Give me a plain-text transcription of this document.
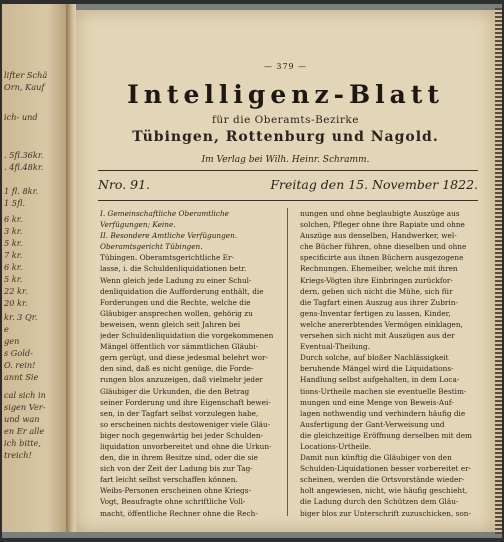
lifter Schä
Orn, Kauf
ich- und
. 5fl.36kr.
. 4fl.48kr.
1 fl. 8kr.
1 5fl.
6 kr.
3 kr.
5 kr.
7 kr.
6 kr.
5 kr.
22 kr.
20 kr.
kr. 3 Qr.
e
gen
s Gold-
O. rein!
annt Sie
cal sich in
sigen Ver-
und wan
en Er alle
ich bitte,
treich!
— 379 —
Intelligenz-Blatt
für die Oberamts-Bezirke
Tübingen, Rottenburg und Nagold.
Im Verlag bei Wilh. Heinr. Schramm.
Nro. 91.	Freitag den 15. November 1822.
I. Gemeinschaftliche Oberamtliche
Verfügungen; Keine.
II. Besondere Amtliche Verfügungen.
Oberamtsgericht Tübingen.
Tübingen. Oberamtsgerichtliche Er-
lasse, i. die Schuldenliquidationen betr.
Wenn gleich jede Ladung zu einer Schul-
denliquidation die Aufforderung enthält, die
Forderungen und die Rechte, welche die
Gläubiger ansprechen wollen, gehörig zu
beweisen, wenn gleich seit Jahren bei
jeder Schuldenliquidation die vorgekommenen
Mängel öffentlich vor sämmtlichen Gläubi-
gern gerügt, und diese jedesmal belehrt wor-
den sind, daß es nicht genüge, die Forde-
rungen blos anzuzeigen, daß vielmehr jeder
Gläubiger die Urkunden, die den Betrag
seiner Forderung und ihre Eigenschaft bewei-
sen, in der Tagfart selbst vorzulegen habe,
so erscheinen nichts destoweniger viele Gläu-
biger noch gegenwärtig bei jeder Schulden-
liquidation unvorbereitet und ohne die Urkun-
den, die in ihrem Besitze sind, oder die sie
sich von der Zeit der Ladung bis zur Tag-
fart leicht selbst verschaffen können.
Weibs-Personen erscheinen ohne Kriegs-
Vogt, Beaufragte ohne schriftliche Voll-
macht, öffentliche Rechner ohne die Rech-
nungen und ohne beglaubigte Auszüge aus
solchen, Pfleger ohne ihre Rapiate und ohne
Auszüge aus denselben, Handwerker, wel-
che Bücher führen, ohne dieselben und ohne
specificirte aus ihnen Büchern ausgezogene
Rechnungen. Ehemeiber, welche mit ihren
Kriegs-Vögten ihre Einbringen zurückfor-
dern, geben sich nicht die Mühe, sich für
die Tagfart einen Auszug aus ihrer Zubrin-
gens-Inventar fertigen zu lassen, Kinder,
welche anererbtendes Vermögen einklagen,
versehen sich nicht mit Auszügen aus der
Eventual-Theilung.
Durch solche, auf bloßer Nachlässigkeit
beruhende Mängel wird die Liquidations-
Handlung selbst aufgehalten, in dem Loca-
tions-Urtheile machen sie eventuelle Bestim-
mungen und eine Menge von Beweis-Auf-
lagen nothwendig und verhindern häufig die
Ausfertigung der Gant-Verweisung und
die gleichzeitige Eröffnung derselben mit dem
Locations-Urtheile.
Damit nun künftig die Gläubiger von den
Schulden-Liquidationen besser vorbereitet er-
scheinen, werden die Ortsvorstände wieder-
holt angewiesen, nicht, wie häufig geschieht,
die Ladung durch den Schützen dem Gläu-
biger blos zur Unterschrift zuzuschicken, son-
